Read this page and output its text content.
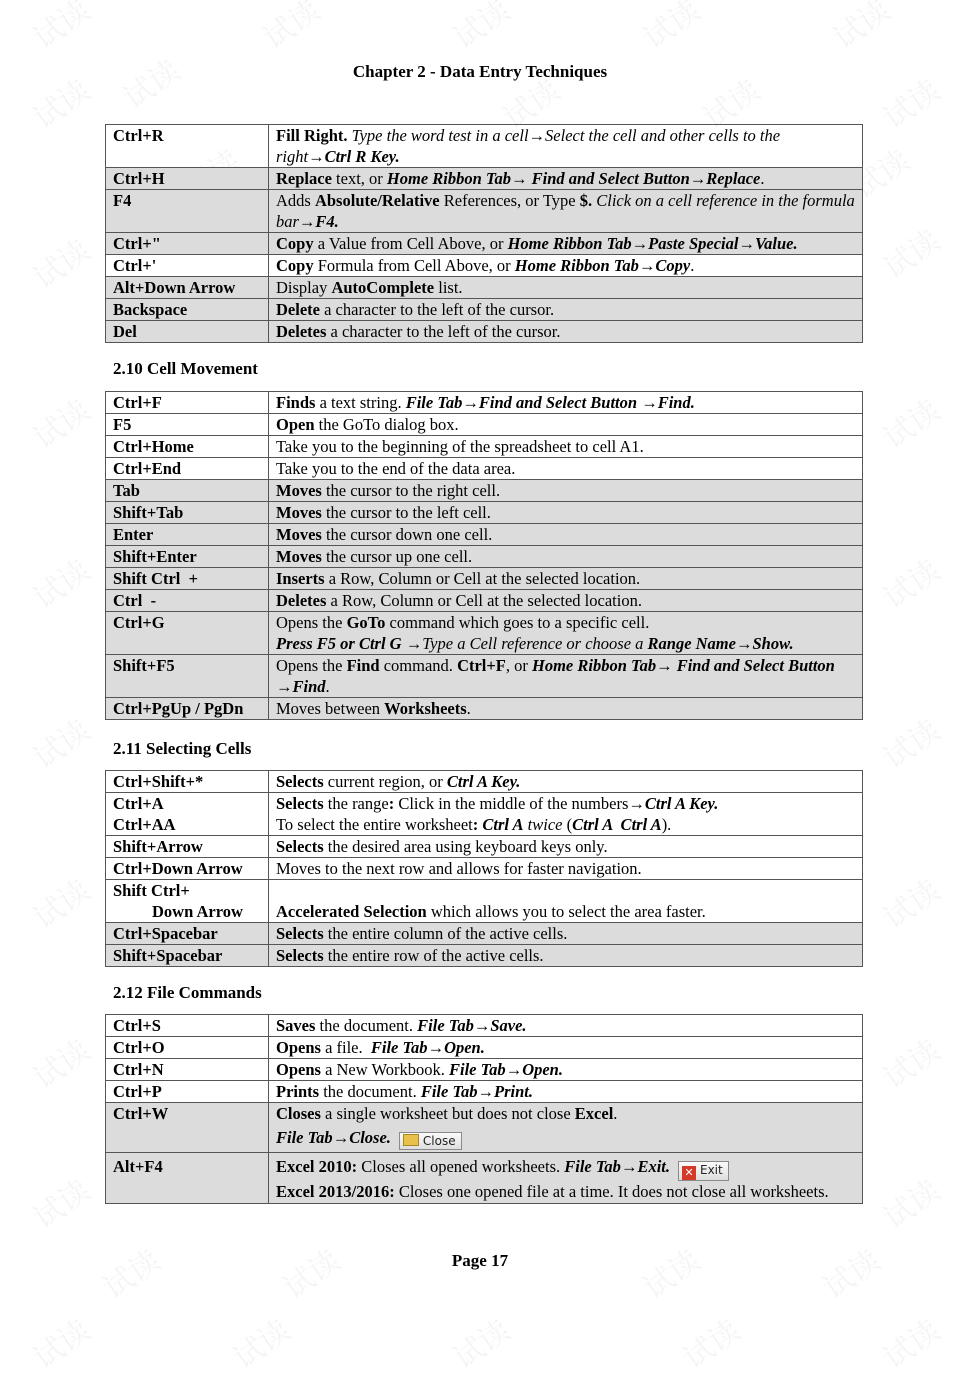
Chapter 2 - Data Entry Techniques
Ctrl+R	Fill Right. Type the word test in a cell→Select the cell and other cells to the right→Ctrl R Key.
Ctrl+H	Replace text, or Home Ribbon Tab→ Find and Select Button→Replace.
F4	Adds Absolute/Relative References, or Type $. Click on a cell reference in the formula bar→F4.
Ctrl+"	Copy a Value from Cell Above, or Home Ribbon Tab→Paste Special→Value.
Ctrl+'	Copy Formula from Cell Above, or Home Ribbon Tab→Copy.
Alt+Down Arrow	Display AutoComplete list.
Backspace	Delete a character to the left of the cursor.
Del	Deletes a character to the left of the cursor.
2.10 Cell Movement
Ctrl+F	Finds a text string. File Tab→Find and Select Button →Find.
F5	Open the GoTo dialog box.
Ctrl+Home	Take you to the beginning of the spreadsheet to cell A1.
Ctrl+End	Take you to the end of the data area.
Tab	Moves the cursor to the right cell.
Shift+Tab	Moves the cursor to the left cell.
Enter	Moves the cursor down one cell.
Shift+Enter	Moves the cursor up one cell.
Shift Ctrl  +	Inserts a Row, Column or Cell at the selected location.
Ctrl  -	Deletes a Row, Column or Cell at the selected location.
Ctrl+G	Opens the GoTo command which goes to a specific cell.
Press F5 or Ctrl G →Type a Cell reference or choose a Range Name→Show.
Shift+F5	Opens the Find command. Ctrl+F, or Home Ribbon Tab→ Find and Select Button →Find.
Ctrl+PgUp / PgDn	Moves between Worksheets.
2.11 Selecting Cells
Ctrl+Shift+*	Selects current region, or Ctrl A Key.
Ctrl+A
Ctrl+AA	Selects the range: Click in the middle of the numbers→Ctrl A Key.
To select the entire worksheet: Ctrl A twice (Ctrl A  Ctrl A).
Shift+Arrow	Selects the desired area using keyboard keys only.
Ctrl+Down Arrow	Moves to the next row and allows for faster navigation.
Shift Ctrl+
Down Arrow	Accelerated Selection which allows you to select the area faster.
Ctrl+Spacebar	Selects the entire column of the active cells.
Shift+Spacebar	Selects the entire row of the active cells.
2.12 File Commands
Ctrl+S	Saves the document. File Tab→Save.
Ctrl+O	Opens a file.  File Tab→Open.
Ctrl+N	Opens a New Workbook. File Tab→Open.
Ctrl+P	Prints the document. File Tab→Print.
Ctrl+W	Closes a single worksheet but does not close Excel.
File Tab→Close. Close
Alt+F4	Excel 2010: Closes all opened worksheets. File Tab→Exit. ✕ Exit
Excel 2013/2016: Closes one opened file at a time. It does not close all worksheets.
Page 17
